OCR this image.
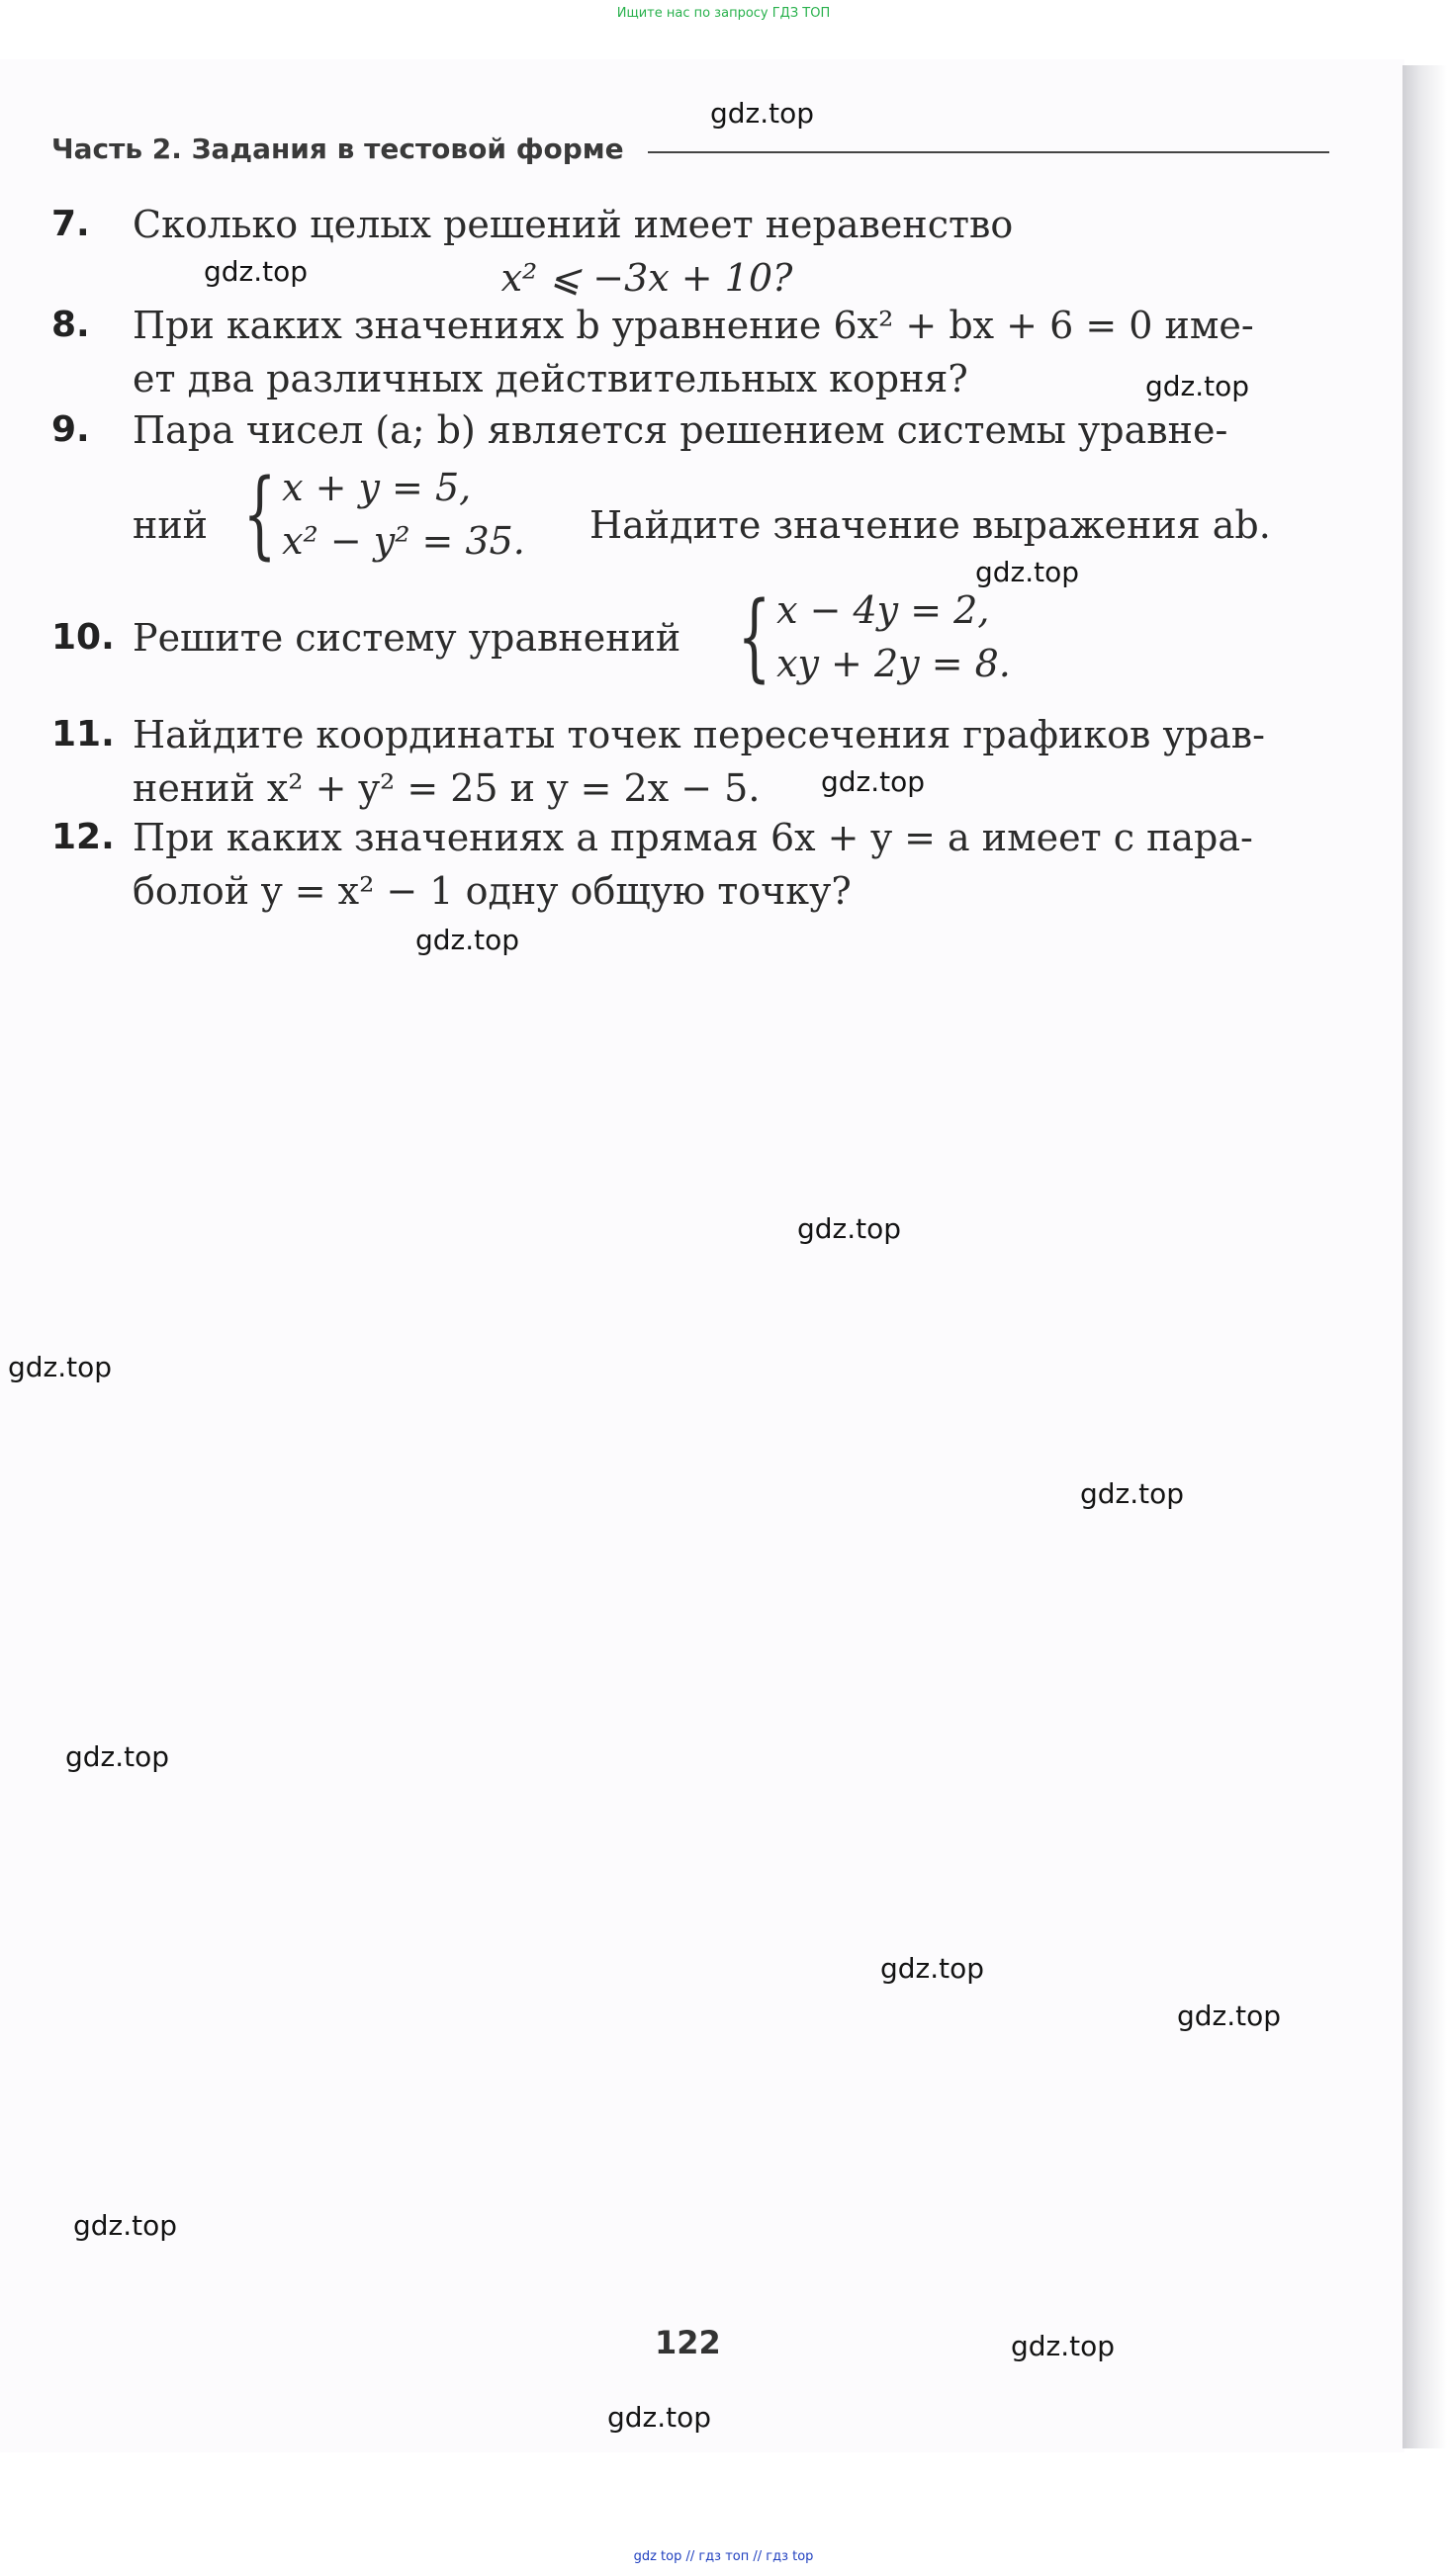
Ищите нас по запросу ГДЗ ТОП
Часть 2. Задания в тестовой форме
7. Сколько целых решений имеет неравенство
x² ⩽ −3x + 10?
8. При каких значениях b уравнение 6x² + bx + 6 = 0 име-
ет два различных действительных корня?
9. Пара чисел (a; b) является решением системы уравне-
ний { x + y = 5,
x² − y² = 35. Найдите значение выражения ab.
10. Решите систему уравнений { x − 4y = 2,
xy + 2y = 8.
11. Найдите координаты точек пересечения графиков урав-
нений x² + y² = 25 и y = 2x − 5.
12. При каких значениях a прямая 6x + y = a имеет с пара-
болой y = x² − 1 одну общую точку?
122
gdz.top
gdz.top
gdz.top
gdz.top
gdz.top
gdz.top
gdz.top
gdz.top
gdz.top
gdz.top
gdz.top
gdz.top
gdz.top
gdz.top
gdz.top
gdz top // гдз топ // гдз top
